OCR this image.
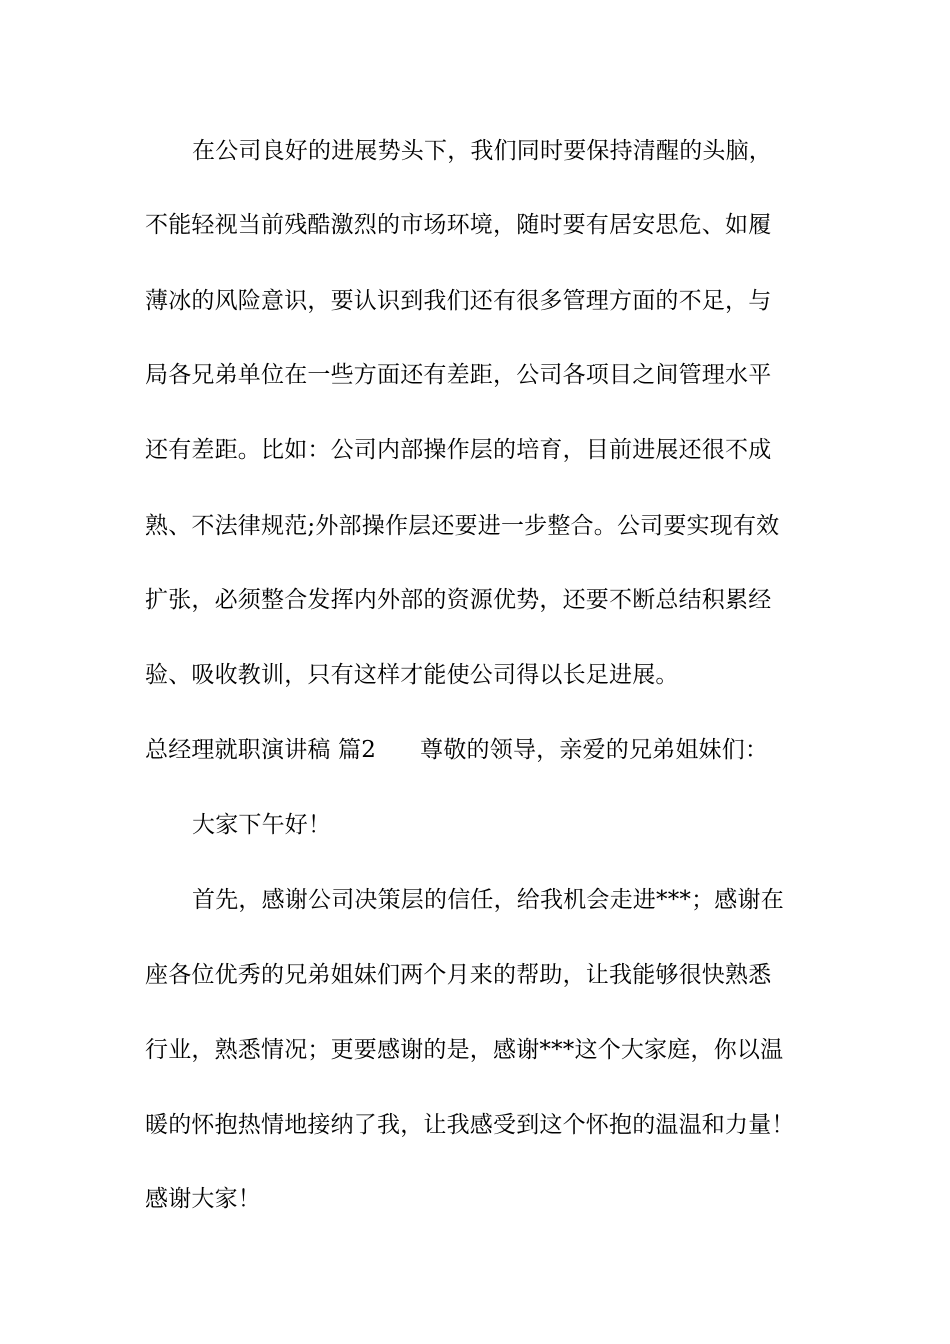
在公司良好的进展势头下，我们同时要保持清醒的头脑，
不能轻视当前残酷激烈的市场环境，随时要有居安思危、如履
薄冰的风险意识，要认识到我们还有很多管理方面的不足，与
局各兄弟单位在一些方面还有差距，公司各项目之间管理水平
还有差距。比如：公司内部操作层的培育，目前进展还很不成
熟、不法律规范;外部操作层还要进一步整合。公司要实现有效
扩张，必须整合发挥内外部的资源优势，还要不断总结积累经
验、吸收教训，只有这样才能使公司得以长足进展。
总经理就职演讲稿 篇2 尊敬的领导，亲爱的兄弟姐妹们：
大家下午好！
首先，感谢公司决策层的信任，给我机会走进***；感谢在
座各位优秀的兄弟姐妹们两个月来的帮助，让我能够很快熟悉
行业，熟悉情况；更要感谢的是，感谢***这个大家庭，你以温
暖的怀抱热情地接纳了我，让我感受到这个怀抱的温温和力量！
感谢大家！
